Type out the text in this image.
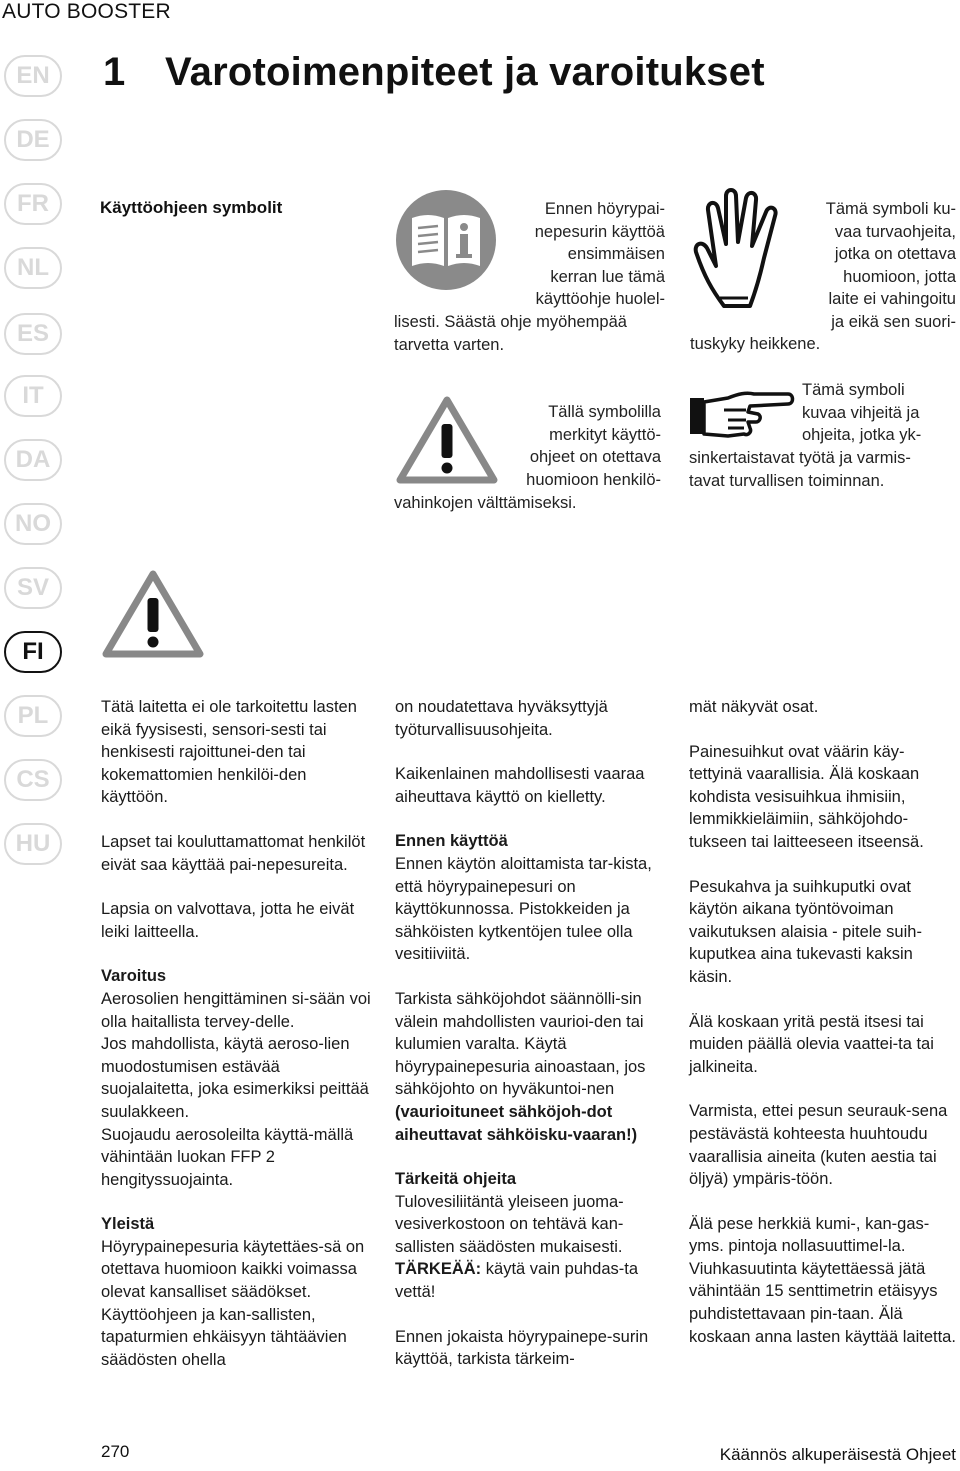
AUTO BOOSTER
1 Varotoimenpiteet ja varoitukset
EN
DE
FR
NL
ES
IT
DA
NO
SV
FI
PL
CS
HU
Käyttöohjeen symbolit	Ennen höyrypai-
nepesurin käyttöä
ensimmäisen
kerran lue tämä
käyttöohje huolel-
lisesti. Säästä ohje myöhempää
tarvetta varten.
Tämä symboli ku-
vaa turvaohjeita,
jotka on otettava
huomioon, jotta
laite ei vahingoitu
ja eikä sen suori-
tuskyky heikkene.
Tällä symbolilla
merkityt käyttö-
ohjeet on otettava
huomioon henkilö-
vahinkojen välttämiseksi.
Tämä symboli
kuvaa vihjeitä ja
ohjeita, jotka yk-
sinkertaistavat työtä ja varmis-
tavat turvallisen toiminnan.

Tätä laitetta ei ole tarkoitettu lasten eikä fyysisesti, sensori-sesti tai henkisesti rajoittunei-den tai kokemattomien henkilöi-den käyttöön.

Lapset tai kouluttamattomat henkilöt eivät saa käyttää pai-nepesureita.

Lapsia on valvottava, jotta he eivät leiki laitteella.

Varoitus
Aerosolien hengittäminen si-sään voi olla haitallista tervey-delle.
Jos mahdollista, käytä aeroso-lien muodostumisen estävää suojalaitetta, joka esimerkiksi peittää suulakkeen.
Suojaudu aerosoleilta käyttä-mällä vähintään luokan FFP 2 hengityssuojainta.

Yleistä
Höyrypainepesuria käytettäes-sä on otettava huomioon kaikki voimassa olevat kansalliset säädökset. Käyttöohjeen ja kan-sallisten, tapaturmien ehkäisyyn tähtäävien säädösten ohella

on noudatettava hyväksyttyjä työturvallisuusohjeita.

Kaikenlainen mahdollisesti vaaraa aiheuttava käyttö on kielletty.

Ennen käyttöä
Ennen käytön aloittamista tar-kista, että höyrypainepesuri on käyttökunnossa. Pistokkeiden ja sähköisten kytkentöjen tulee olla vesitiiviitä.

Tarkista sähköjohdot säännölli-sin välein mahdollisten vaurioi-den tai kulumien varalta. Käytä höyrypainepesuria ainoastaan, jos sähköjohto on hyväkuntoi-nen (vaurioituneet sähköjoh-dot aiheuttavat sähköisku-vaaran!)

Tärkeitä ohjeita
Tulovesiliitäntä yleiseen juoma-vesiverkostoon on tehtävä kan-sallisten säädösten mukaisesti.
TÄRKEÄÄ: käytä vain puhdas-ta vettä!

Ennen jokaista höyrypainepe-surin käyttöä, tarkista tärkeim-

mät näkyvät osat.

Painesuihkut ovat väärin käy-tettyinä vaarallisia. Älä koskaan kohdista vesisuihkua ihmisiin, lemmikkieläimiin, sähköjohdo-tukseen tai laitteeseen itseensä.

Pesukahva ja suihkuputki ovat käytön aikana työntövoiman vaikutuksen alaisia - pitele suih-kuputkea aina tukevasti kaksin käsin.

Älä koskaan yritä pestä itsesi tai muiden päällä olevia vaattei-ta tai jalkineita.

Varmista, ettei pesun seurauk-sena pestävästä kohteesta huuhtoudu vaarallisia aineita (kuten aestia tai öljyä) ympäris-töön.

Älä pese herkkiä kumi-, kan-gas- yms. pintoja nollasuuttimel-la. Viuhkasuutinta käytettäessä jätä vähintään 15 senttimetrin etäisyys puhdistettavaan pin-taan. Älä koskaan anna lasten käyttää laitetta.

270	Käännös alkuperäisestä Ohjeet
